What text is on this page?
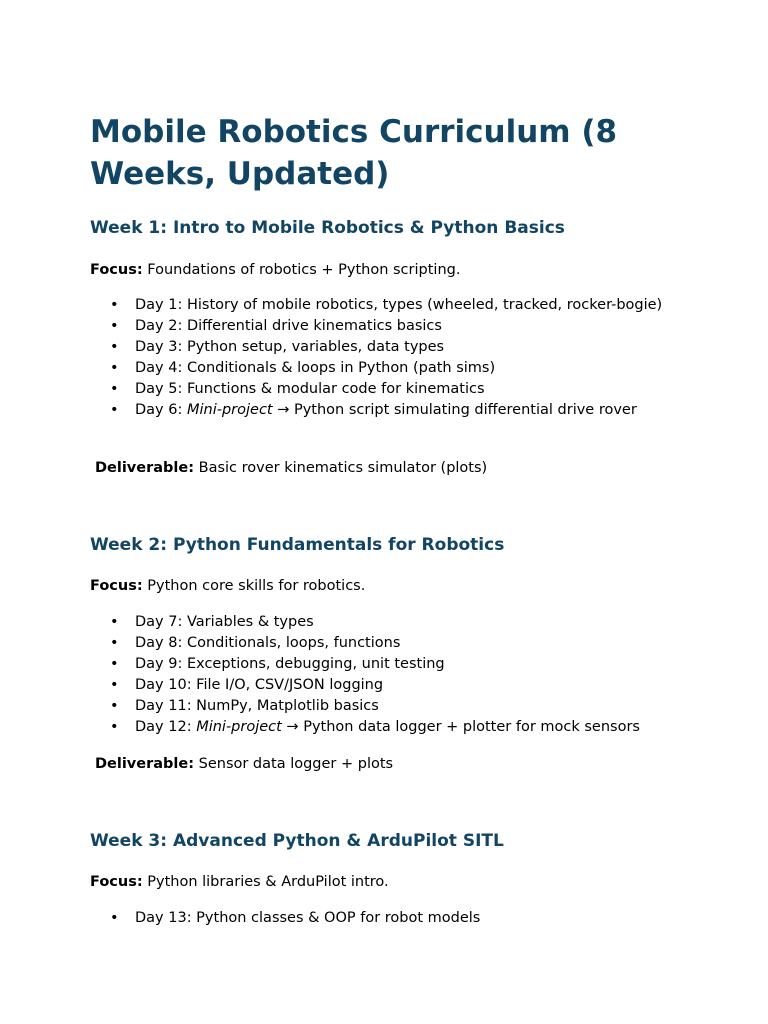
Mobile Robotics Curriculum (8 Weeks, Updated)
Week 1: Intro to Mobile Robotics & Python Basics

Focus: Foundations of robotics + Python scripting.

• Day 1: History of mobile robotics, types (wheeled, tracked, rocker-bogie)
• Day 2: Differential drive kinematics basics
• Day 3: Python setup, variables, data types
• Day 4: Conditionals & loops in Python (path sims)
• Day 5: Functions & modular code for kinematics
• Day 6: Mini-project → Python script simulating differential drive rover

Deliverable: Basic rover kinematics simulator (plots)

Week 2: Python Fundamentals for Robotics

Focus: Python core skills for robotics.

• Day 7: Variables & types
• Day 8: Conditionals, loops, functions
• Day 9: Exceptions, debugging, unit testing
• Day 10: File I/O, CSV/JSON logging
• Day 11: NumPy, Matplotlib basics
• Day 12: Mini-project → Python data logger + plotter for mock sensors

Deliverable: Sensor data logger + plots

Week 3: Advanced Python & ArduPilot SITL

Focus: Python libraries & ArduPilot intro.

• Day 13: Python classes & OOP for robot models
